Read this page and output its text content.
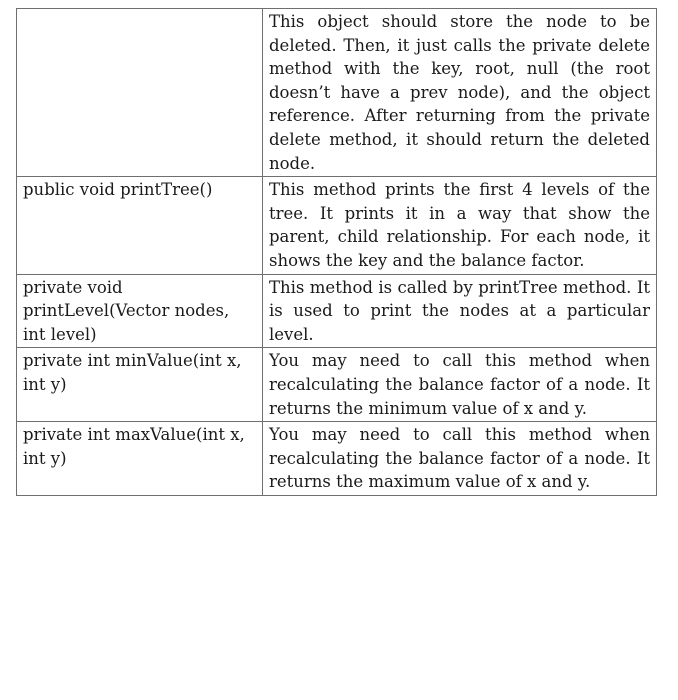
	This object should store the node to be deleted. Then, it just calls the private delete method with the key, root, null (the root doesn’t have a prev node), and the object reference. After returning from the private delete method, it should return the deleted node.
public void printTree()	This method prints the first 4 levels of the tree. It prints it in a way that show the parent, child relationship. For each node, it shows the key and the balance factor.
private void printLevel(Vector nodes, int level)	This method is called by printTree method. It is used to print the nodes at a particular level.
private int minValue(int x, int y)	You may need to call this method when recalculating the balance factor of a node. It returns the minimum value of x and y.
private int maxValue(int x, int y)	You may need to call this method when recalculating the balance factor of a node. It returns the maximum value of x and y.
